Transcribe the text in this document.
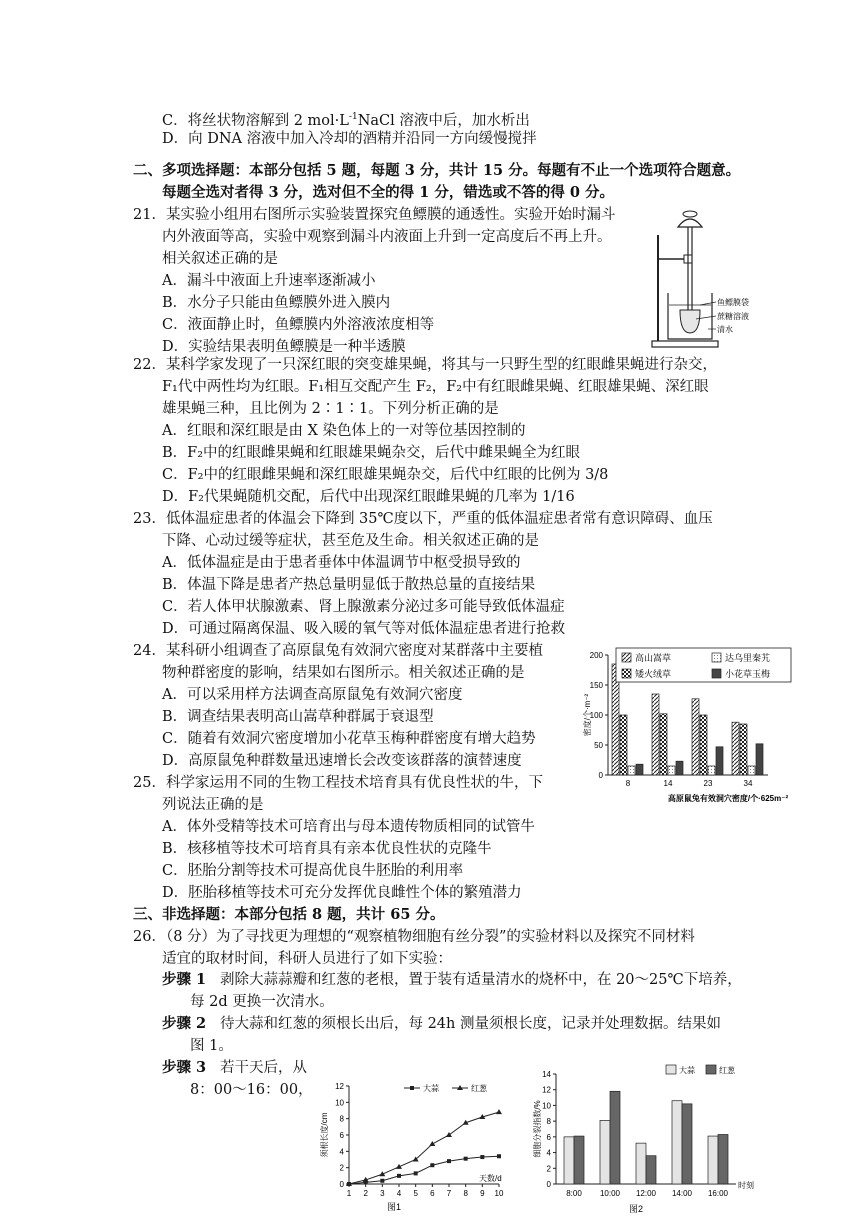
C．将丝状物溶解到 2 $mol\cdot L^{-1}NaCl$ 溶液中后，加水析出
D．向 DNA 溶液中加入冷却的酒精并沿同一方向缓慢搅拌
二、多项选择题：本部分包括 5 题，每题 3 分，共计 15 分。每题有不止一个选项符合题意。
每题全选对者得 3 分，选对但不全的得 1 分，错选或不答的得 0 分。
21．某实验小组用右图所示实验装置探究鱼鳔膜的通透性。实验开始时漏斗
内外液面等高，实验中观察到漏斗内液面上升到一定高度后不再上升。
相关叙述正确的是
A．漏斗中液面上升速率逐渐减小
B．水分子只能由鱼鳔膜外进入膜内
C．液面静止时，鱼鳔膜内外溶液浓度相等
D．实验结果表明鱼鳔膜是一种半透膜
鱼鳔膜袋
蔗糖溶液
清水
22．某科学家发现了一只深红眼的突变雄果蝇，将其与一只野生型的红眼雌果蝇进行杂交，
F₁代中两性均为红眼。F₁相互交配产生 F₂，F₂中有红眼雌果蝇、红眼雄果蝇、深红眼
雄果蝇三种，且比例为 2∶1∶1。下列分析正确的是
A．红眼和深红眼是由 X 染色体上的一对等位基因控制的
B．F₂中的红眼雌果蝇和红眼雄果蝇杂交，后代中雌果蝇全为红眼
C．F₂中的红眼雌果蝇和深红眼雄果蝇杂交，后代中红眼的比例为 3/8
D．F₂代果蝇随机交配，后代中出现深红眼雌果蝇的几率为 1/16
23．低体温症患者的体温会下降到 35℃度以下，严重的低体温症患者常有意识障碍、血压
下降、心动过缓等症状，甚至危及生命。相关叙述正确的是
A．低体温症是由于患者垂体中体温调节中枢受损导致的
B．体温下降是患者产热总量明显低于散热总量的直接结果
C．若人体甲状腺激素、肾上腺激素分泌过多可能导致低体温症
D．可通过隔离保温、吸入暖的氧气等对低体温症患者进行抢救
24．某科研小组调查了高原鼠兔有效洞穴密度对某群落中主要植
物种群密度的影响，结果如右图所示。相关叙述正确的是
A．可以采用样方法调查高原鼠兔有效洞穴密度
B．调查结果表明高山嵩草种群属于衰退型
C．随着有效洞穴密度增加小花草玉梅种群密度有增大趋势
D．高原鼠兔种群数量迅速增长会改变该群落的演替速度
0
50
100
150
200
密度/个·m⁻²
高原鼠兔有效洞穴密度/个·625m⁻²
8	14	23	34
高山嵩草	达乌里秦艽
矮火绒草	小花草玉梅
25．科学家运用不同的生物工程技术培育具有优良性状的牛，下
列说法正确的是
A．体外受精等技术可培育出与母本遗传物质相同的试管牛
B．核移植等技术可培育具有亲本优良性状的克隆牛
C．胚胎分割等技术可提高优良牛胚胎的利用率
D．胚胎移植等技术可充分发挥优良雌性个体的繁殖潜力
三、非选择题：本部分包括 8 题，共计 65 分。
26．（8 分）为了寻找更为理想的“观察植物细胞有丝分裂”的实验材料以及探究不同材料
适宜的取材时间，科研人员进行了如下实验：
步骤 1 剥除大蒜蒜瓣和红葱的老根，置于装有适量清水的烧杯中，在 20～25℃下培养，
每 2d 更换一次清水。
步骤 2 待大蒜和红葱的须根长出后，每 24h 测量须根长度，记录并处理数据。结果如
图 1。
步骤 3 若干天后，从
8：00～16：00，
0
2
4
6
8
10
12
1 2 3 4 5 6 7 8 9 10
须根长度/cm
天数/d
图1
大蒜	红葱
0
2
4
6
8
10
12
14
细胞分裂指数/%
时刻
图2
8:00 10:00 12:00 14:00 16:00
大蒜	红葱
